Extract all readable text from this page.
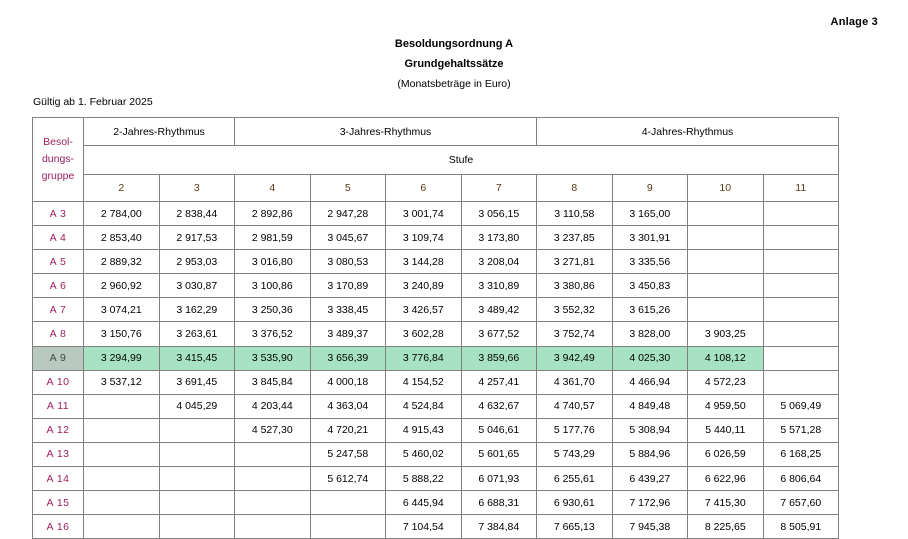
Anlage 3
Besoldungsordnung A
Grundgehaltssätze
(Monatsbeträge in Euro)
Gültig ab 1. Februar 2025
Besol-
dungs-
gruppe	2-Jahres-Rhythmus		3-Jahres-Rhythmus				4-Jahres-Rhythmus			
	Stufe									
	2	3	4	5	6	7	8	9	10	11
A 3	2 784,00	2 838,44	2 892,86	2 947,28	3 001,74	3 056,15	3 110,58	3 165,00		
A 4	2 853,40	2 917,53	2 981,59	3 045,67	3 109,74	3 173,80	3 237,85	3 301,91		
A 5	2 889,32	2 953,03	3 016,80	3 080,53	3 144,28	3 208,04	3 271,81	3 335,56		
A 6	2 960,92	3 030,87	3 100,86	3 170,89	3 240,89	3 310,89	3 380,86	3 450,83		
A 7	3 074,21	3 162,29	3 250,36	3 338,45	3 426,57	3 489,42	3 552,32	3 615,26		
A 8	3 150,76	3 263,61	3 376,52	3 489,37	3 602,28	3 677,52	3 752,74	3 828,00	3 903,25	
A 9	3 294,99	3 415,45	3 535,90	3 656,39	3 776,84	3 859,66	3 942,49	4 025,30	4 108,12	
A 10	3 537,12	3 691,45	3 845,84	4 000,18	4 154,52	4 257,41	4 361,70	4 466,94	4 572,23	
A 11		4 045,29	4 203,44	4 363,04	4 524,84	4 632,67	4 740,57	4 849,48	4 959,50	5 069,49
A 12			4 527,30	4 720,21	4 915,43	5 046,61	5 177,76	5 308,94	5 440,11	5 571,28
A 13				5 247,58	5 460,02	5 601,65	5 743,29	5 884,96	6 026,59	6 168,25
A 14				5 612,74	5 888,22	6 071,93	6 255,61	6 439,27	6 622,96	6 806,64
A 15					6 445,94	6 688,31	6 930,61	7 172,96	7 415,30	7 657,60
A 16					7 104,54	7 384,84	7 665,13	7 945,38	8 225,65	8 505,91
